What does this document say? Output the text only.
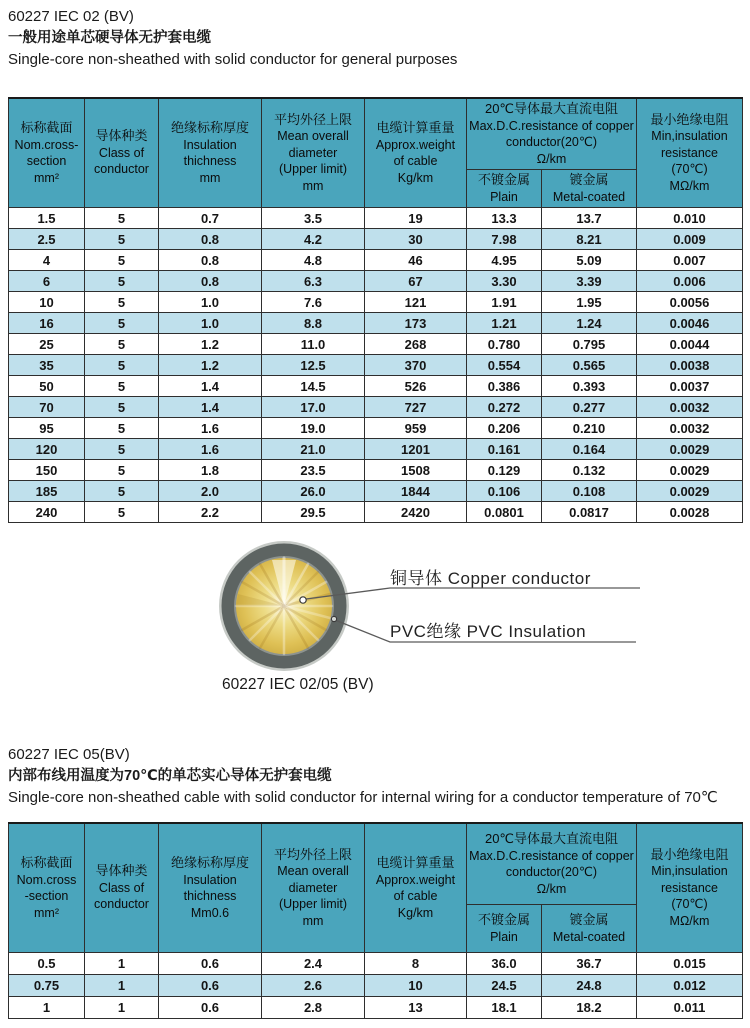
60227 IEC 02 (BV)
一般用途单芯硬导体无护套电缆
Single-core non-sheathed with solid conductor for general purposes
标称截面
Nom.cross-
section
mm²

导体种类
Class of
conductor

绝缘标称厚度
Insulation
thichness
mm

平均外径上限
Mean overall
diameter
(Upper limit)
mm

电缆计算重量
Approx.weight
of cable
Kg/km

20℃导体最大直流电阻
Max.D.C.resistance of copper
conductor(20℃)
Ω/km

最小绝缘电阻
Min,insulation
resistance
(70℃)
MΩ/km

不镀金属
Plain

镀金属
Metal-coated

1.5	5	0.7	3.5	19	13.3	13.7	0.010
2.5	5	0.8	4.2	30	7.98	8.21	0.009
4	5	0.8	4.8	46	4.95	5.09	0.007
6	5	0.8	6.3	67	3.30	3.39	0.006
10	5	1.0	7.6	121	1.91	1.95	0.0056
16	5	1.0	8.8	173	1.21	1.24	0.0046
25	5	1.2	11.0	268	0.780	0.795	0.0044
35	5	1.2	12.5	370	0.554	0.565	0.0038
50	5	1.4	14.5	526	0.386	0.393	0.0037
70	5	1.4	17.0	727	0.272	0.277	0.0032
95	5	1.6	19.0	959	0.206	0.210	0.0032
120	5	1.6	21.0	1201	0.161	0.164	0.0029
150	5	1.8	23.5	1508	0.129	0.132	0.0029
185	5	2.0	26.0	1844	0.106	0.108	0.0029
240	5	2.2	29.5	2420	0.0801	0.0817	0.0028
铜导体 Copper conductor
PVC绝缘 PVC Insulation
60227 IEC 02/05 (BV)
60227 IEC 05(BV)
内部布线用温度为70℃的单芯实心导体无护套电缆
Single-core non-sheathed cable with solid conductor for internal wiring for a conductor temperature of 70℃
标称截面
Nom.cross
-section
mm²

导体种类
Class of
conductor

绝缘标称厚度
Insulation
thichness
Mm0.6

平均外径上限
Mean overall
diameter
(Upper limit)
mm

电缆计算重量
Approx.weight
of cable
Kg/km

20℃导体最大直流电阻
Max.D.C.resistance of copper
conductor(20℃)
Ω/km

最小绝缘电阻
Min,insulation
resistance
(70℃)
MΩ/km

不镀金属
Plain

镀金属
Metal-coated

0.5	1	0.6	2.4	8	36.0	36.7	0.015
0.75	1	0.6	2.6	10	24.5	24.8	0.012
1	1	0.6	2.8	13	18.1	18.2	0.011
